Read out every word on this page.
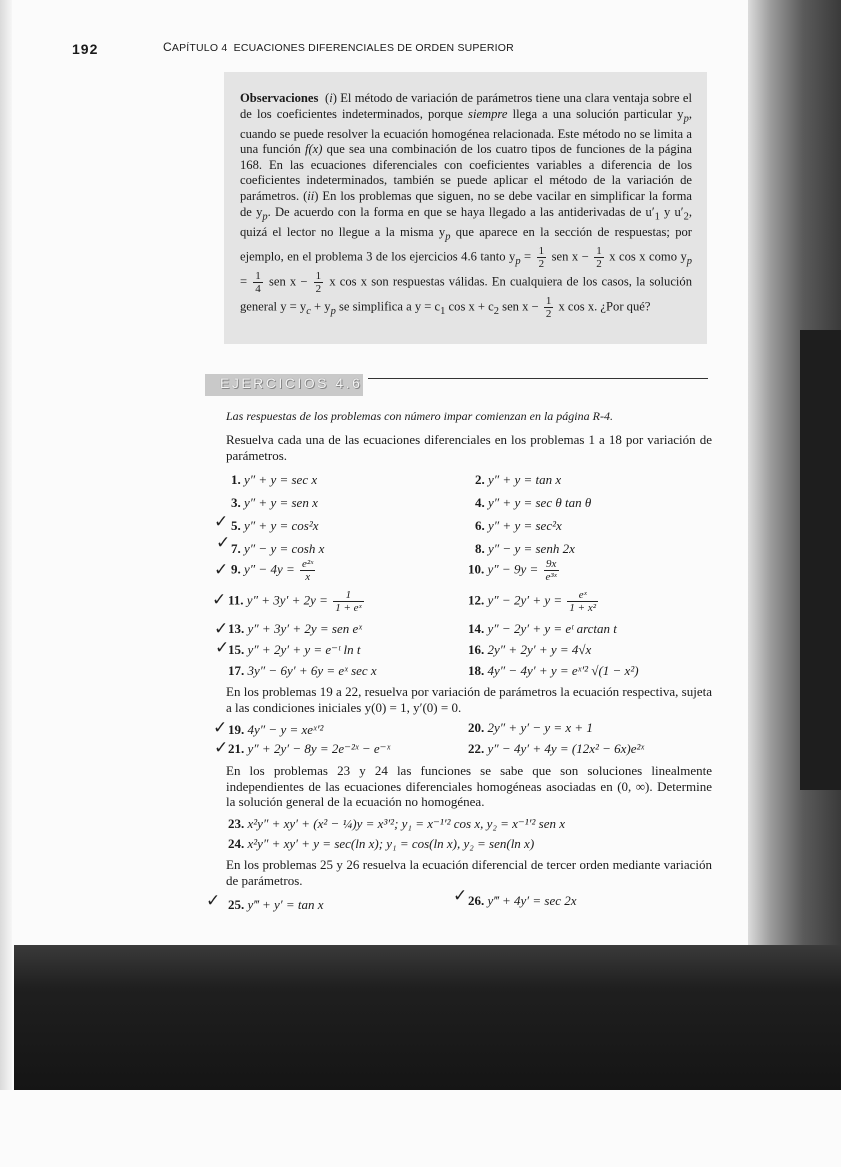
192	CAPÍTULO 4 ECUACIONES DIFERENCIALES DE ORDEN SUPERIOR
Observaciones (i) El método de variación de parámetros tiene una clara ventaja sobre el de los coeficientes indeterminados, porque siempre llega a una solución particular $y_p$, cuando se puede resolver la ecuación homogénea relacionada. Este método no se limita a una función f(x) que sea una combinación de los cuatro tipos de funciones de la página 168. En las ecuaciones diferenciales con coeficientes variables a diferencia de los coeficientes indeterminados, también se puede aplicar el método de la variación de parámetros. (ii) En los problemas que siguen, no se debe vacilar en simplificar la forma de $y_p$. De acuerdo con la forma en que se haya llegado a las antiderivadas de $u'_1$ y $u'_2$, quizá el lector no llegue a la misma $y_p$ que aparece en la sección de respuestas; por ejemplo, en el problema 3 de los ejercicios 4.6 tanto $y_p = \frac{1}{2}$ sen $x - \frac{1}{2}$ x cos x como $y_p = \frac{1}{4}$ sen $x - \frac{1}{2}$ x cos x son respuestas válidas. En cualquiera de los casos, la solución general $y = y_c + y_p$ se simplifica a $y = c_1$ $\cos x + c_2$ sen $x - \frac{1}{2}$ x cos x. ¿Por qué?
EJERCICIOS 4.6
Las respuestas de los problemas con número impar comienzan en la página R-4.
Resuelva cada una de las ecuaciones diferenciales en los problemas 1 a 18 por variación de parámetros.
1. y″ + y = sec x	2. y″ + y = tan x
3. y″ + y = sen x	4. y″ + y = sec θ tan θ
5. y″ + y = cos²x	6. y″ + y = sec²x
7. y″ − y = cosh x	8. y″ − y = senh 2x
9. $y'' - 4y = \frac{\text{e²ˣ}}{x}$	10. $y'' - 9y = \frac{9x}{\text{e³ˣ}}$
11. $y'' + 3y' + 2y = \frac{1}{\text{1 + eˣ}}$	12. $y'' - 2y' + y = \frac{\text{eˣ}}{\text{1 + x²}}$
13. y″ + 3y′ + 2y = sen eˣ	14. y″ − 2y′ + y = eᵗ arctan t
15. y″ + 2y′ + y = e⁻ᵗ ln t	16. 2y″ + 2y′ + y = 4√x
17. 3y″ − 6y′ + 6y = eˣ sec x	18. 4y″ − 4y′ + y = eˣ′² √(1 − x²)
En los problemas 19 a 22, resuelva por variación de parámetros la ecuación respectiva, sujeta a las condiciones iniciales y(0) = 1, y′(0) = 0.
19. 4y″ − y = xeˣ′²	20. 2y″ + y′ − y = x + 1
21. y″ + 2y′ − 8y = 2e⁻²ˣ − e⁻ˣ	22. y″ − 4y′ + 4y = (12x² − 6x)e²ˣ
En los problemas 23 y 24 las funciones se sabe que son soluciones linealmente independientes de las ecuaciones diferenciales homogéneas asociadas en (0, ∞). Determine la solución general de la ecuación no homogénea.
23. x²y″ + xy′ + (x² − ¼)y = x³′²; y₁ = x⁻¹′² cos x, y₂ = x⁻¹′² sen x
24. x²y″ + xy′ + y = sec(ln x); y₁ = cos(ln x), y₂ = sen(ln x)
En los problemas 25 y 26 resuelva la ecuación diferencial de tercer orden mediante variación de parámetros.
25. y‴ + y′ = tan x	26. y‴ + 4y′ = sec 2x
✓
✓
✓
✓
✓
✓
✓
✓
✓	✓
